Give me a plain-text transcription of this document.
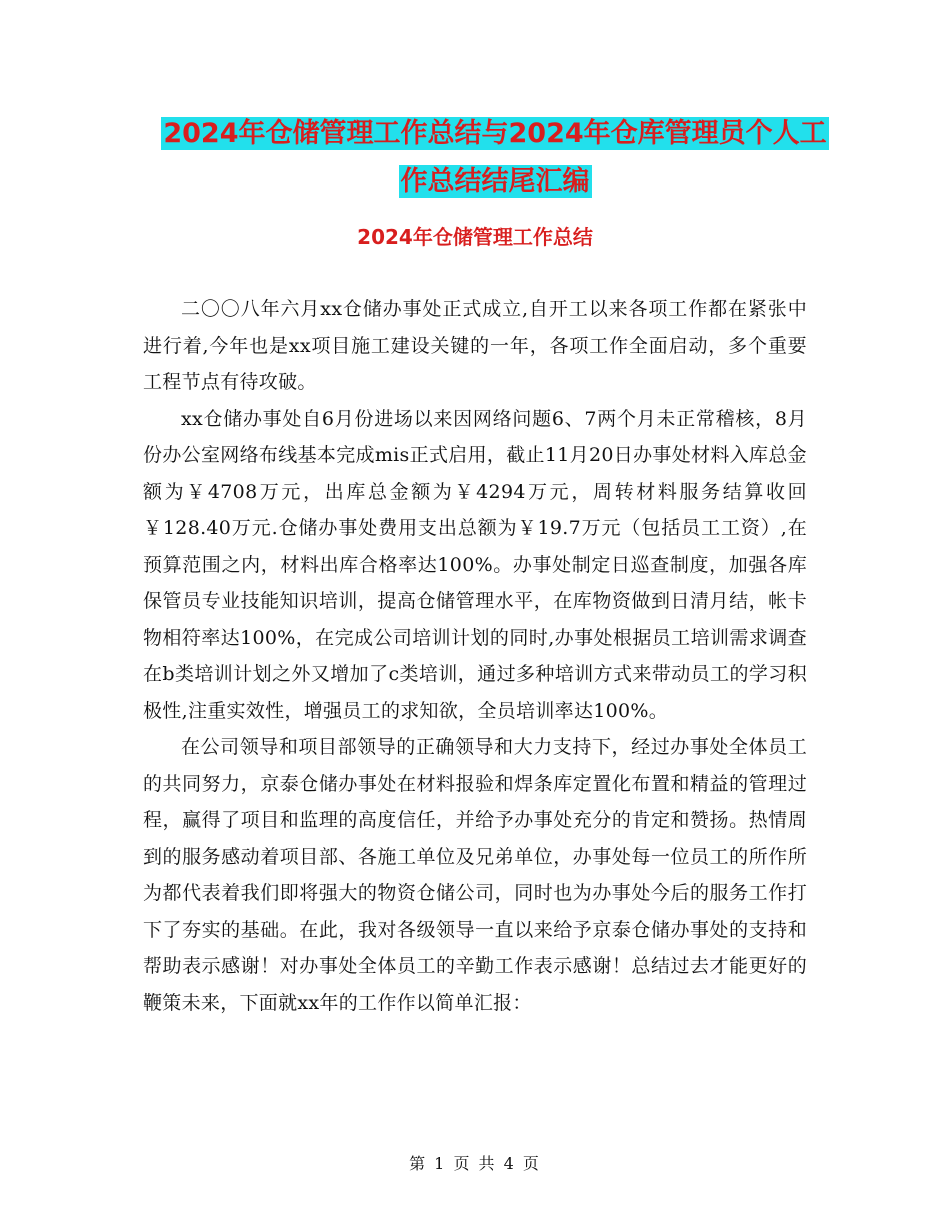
2024年仓储管理工作总结与2024年仓库管理员个人工
作总结结尾汇编
2024年仓储管理工作总结

二〇〇八年六月xx仓储办事处正式成立,自开工以来各项工作都在紧张中进行着,今年也是xx项目施工建设关键的一年，各项工作全面启动，多个重要工程节点有待攻破。

xx仓储办事处自6月份进场以来因网络问题6、7两个月未正常稽核，8月份办公室网络布线基本完成mis正式启用，截止11月20日办事处材料入库总金额为￥4708万元，出库总金额为￥4294万元，周转材料服务结算收回￥128.40万元.仓储办事处费用支出总额为￥19.7万元（包括员工工资）,在预算范围之内，材料出库合格率达100%。办事处制定日巡查制度，加强各库保管员专业技能知识培训，提高仓储管理水平，在库物资做到日清月结，帐卡物相符率达100%，在完成公司培训计划的同时,办事处根据员工培训需求调查在b类培训计划之外又增加了c类培训，通过多种培训方式来带动员工的学习积极性,注重实效性，增强员工的求知欲，全员培训率达100%。

在公司领导和项目部领导的正确领导和大力支持下，经过办事处全体员工的共同努力，京泰仓储办事处在材料报验和焊条库定置化布置和精益的管理过程，赢得了项目和监理的高度信任，并给予办事处充分的肯定和赞扬。热情周到的服务感动着项目部、各施工单位及兄弟单位，办事处每一位员工的所作所为都代表着我们即将强大的物资仓储公司，同时也为办事处今后的服务工作打下了夯实的基础。在此，我对各级领导一直以来给予京泰仓储办事处的支持和帮助表示感谢！对办事处全体员工的辛勤工作表示感谢！总结过去才能更好的鞭策未来，下面就xx年的工作作以简单汇报：

第 1 页 共 4 页
